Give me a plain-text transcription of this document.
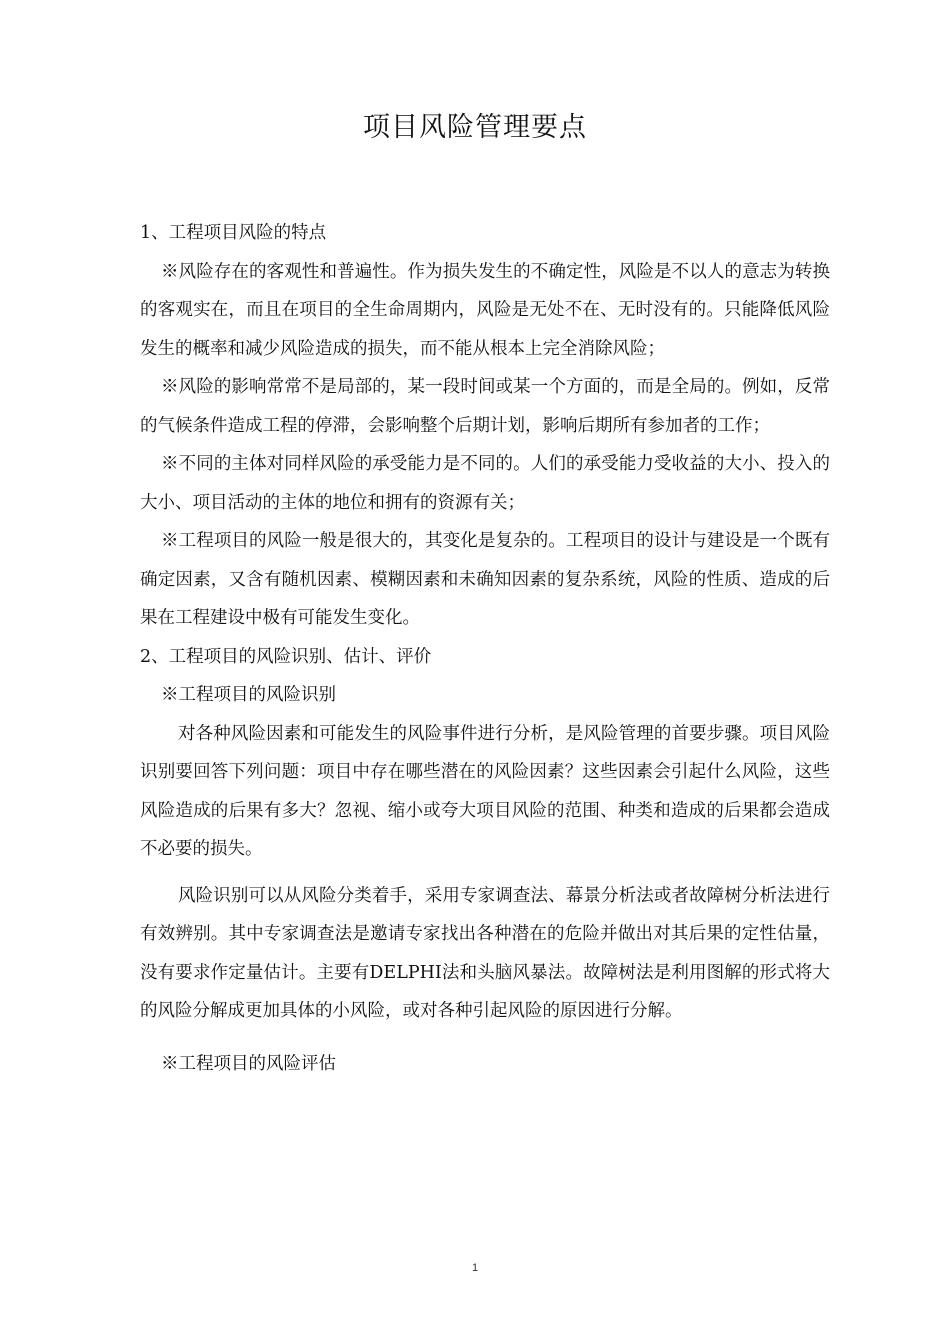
项目风险管理要点

1、工程项目风险的特点

※风险存在的客观性和普遍性。作为损失发生的不确定性，风险是不以人的意志为转换的客观实在，而且在项目的全生命周期内，风险是无处不在、无时没有的。只能降低风险发生的概率和减少风险造成的损失，而不能从根本上完全消除风险；

※风险的影响常常不是局部的，某一段时间或某一个方面的，而是全局的。例如，反常的气候条件造成工程的停滞，会影响整个后期计划，影响后期所有参加者的工作；

※不同的主体对同样风险的承受能力是不同的。人们的承受能力受收益的大小、投入的大小、项目活动的主体的地位和拥有的资源有关；

※工程项目的风险一般是很大的，其变化是复杂的。工程项目的设计与建设是一个既有确定因素，又含有随机因素、模糊因素和未确知因素的复杂系统，风险的性质、造成的后果在工程建设中极有可能发生变化。

2、工程项目的风险识别、估计、评价

※工程项目的风险识别

对各种风险因素和可能发生的风险事件进行分析，是风险管理的首要步骤。项目风险识别要回答下列问题：项目中存在哪些潜在的风险因素？这些因素会引起什么风险，这些风险造成的后果有多大？忽视、缩小或夸大项目风险的范围、种类和造成的后果都会造成不必要的损失。

风险识别可以从风险分类着手，采用专家调查法、幕景分析法或者故障树分析法进行有效辨别。其中专家调查法是邀请专家找出各种潜在的危险并做出对其后果的定性估量，没有要求作定量估计。主要有DELPHI法和头脑风暴法。故障树法是利用图解的形式将大的风险分解成更加具体的小风险，或对各种引起风险的原因进行分解。

※工程项目的风险评估

1
